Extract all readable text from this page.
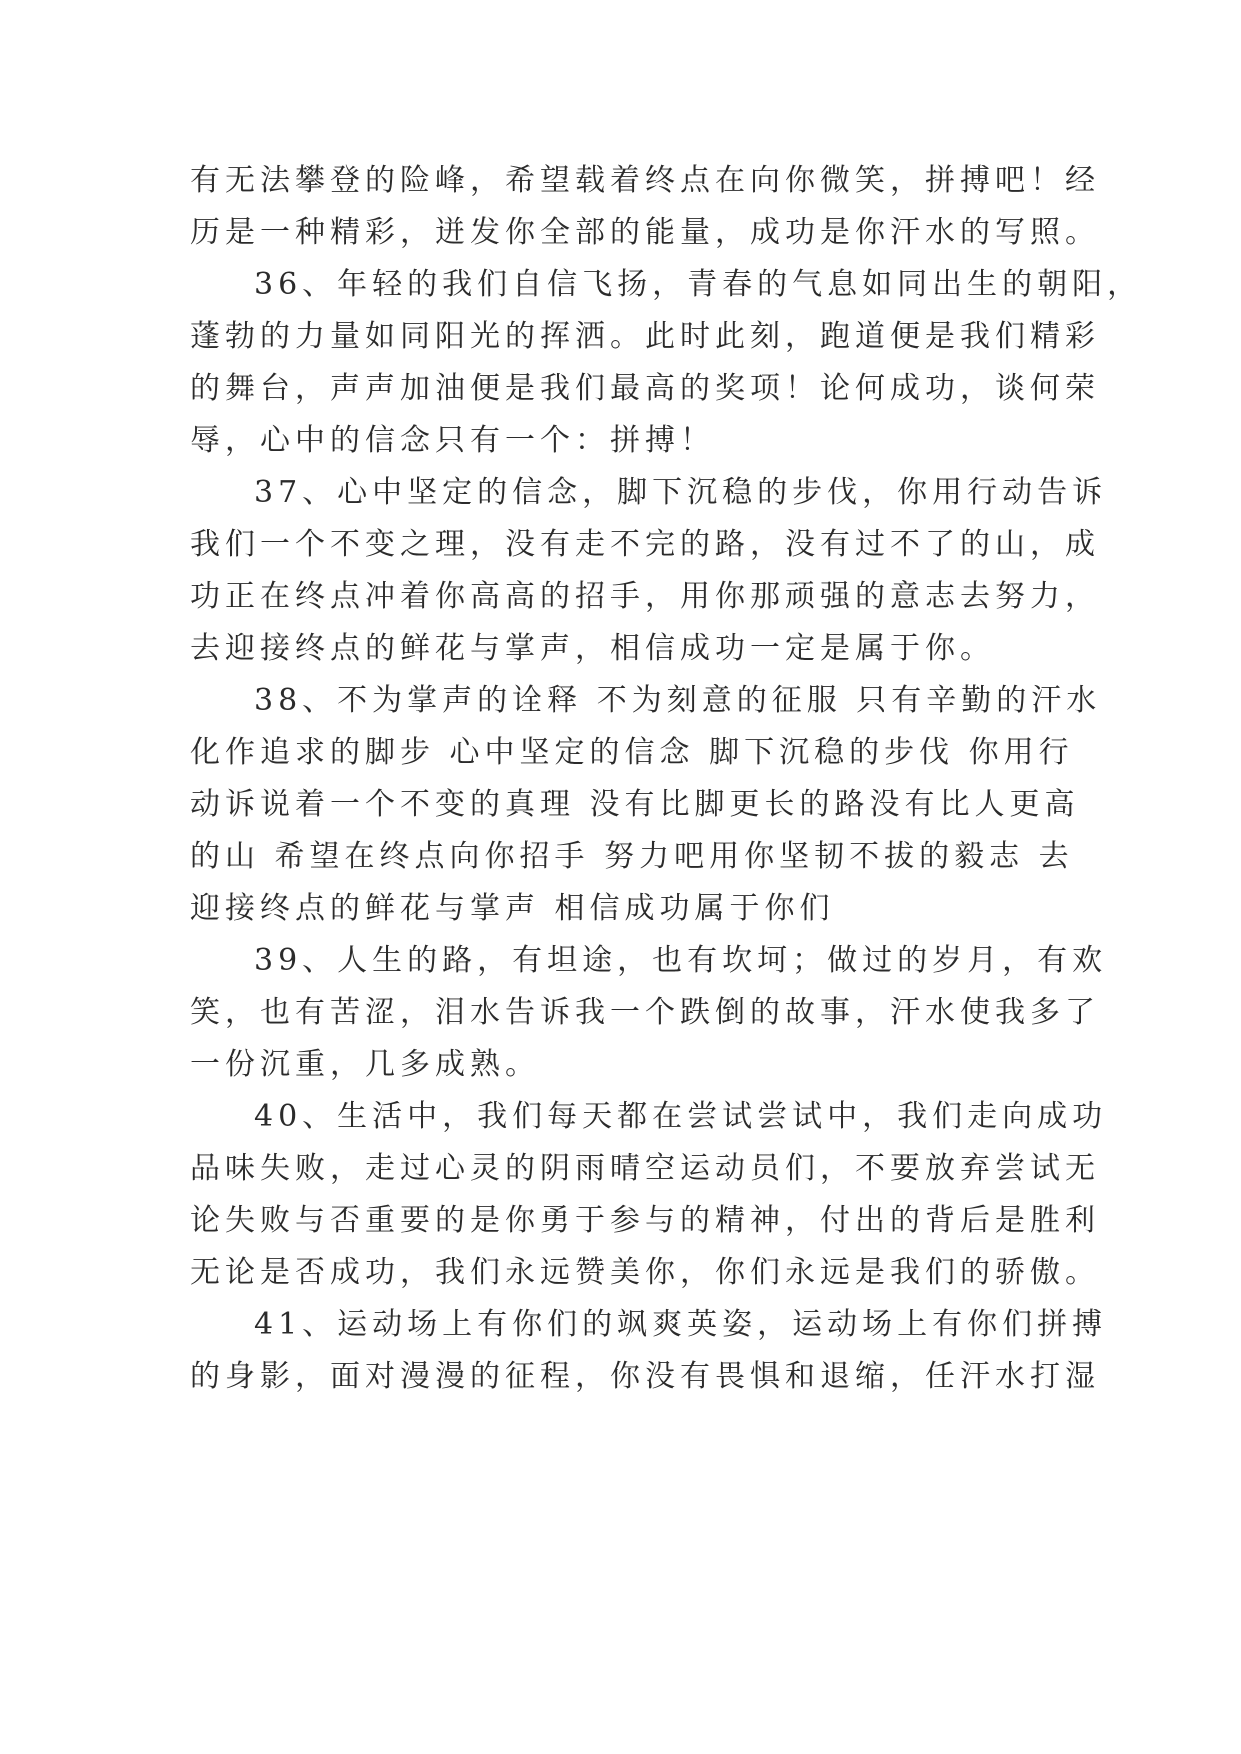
有无法攀登的险峰，希望载着终点在向你微笑，拼搏吧！经
历是一种精彩，迸发你全部的能量，成功是你汗水的写照。
36、年轻的我们自信飞扬，青春的气息如同出生的朝阳，
蓬勃的力量如同阳光的挥洒。此时此刻，跑道便是我们精彩
的舞台，声声加油便是我们最高的奖项！论何成功，谈何荣
辱，心中的信念只有一个：拼搏！
37、心中坚定的信念，脚下沉稳的步伐，你用行动告诉
我们一个不变之理，没有走不完的路，没有过不了的山，成
功正在终点冲着你高高的招手，用你那顽强的意志去努力，
去迎接终点的鲜花与掌声，相信成功一定是属于你。
38、不为掌声的诠释 不为刻意的征服 只有辛勤的汗水
化作追求的脚步 心中坚定的信念 脚下沉稳的步伐 你用行
动诉说着一个不变的真理 没有比脚更长的路没有比人更高
的山 希望在终点向你招手 努力吧用你坚韧不拔的毅志 去
迎接终点的鲜花与掌声 相信成功属于你们
39、人生的路，有坦途，也有坎坷；做过的岁月，有欢
笑，也有苦涩，泪水告诉我一个跌倒的故事，汗水使我多了
一份沉重，几多成熟。
40、生活中，我们每天都在尝试尝试中，我们走向成功
品味失败，走过心灵的阴雨晴空运动员们，不要放弃尝试无
论失败与否重要的是你勇于参与的精神，付出的背后是胜利
无论是否成功，我们永远赞美你，你们永远是我们的骄傲。
41、运动场上有你们的飒爽英姿，运动场上有你们拼搏
的身影，面对漫漫的征程，你没有畏惧和退缩，任汗水打湿
